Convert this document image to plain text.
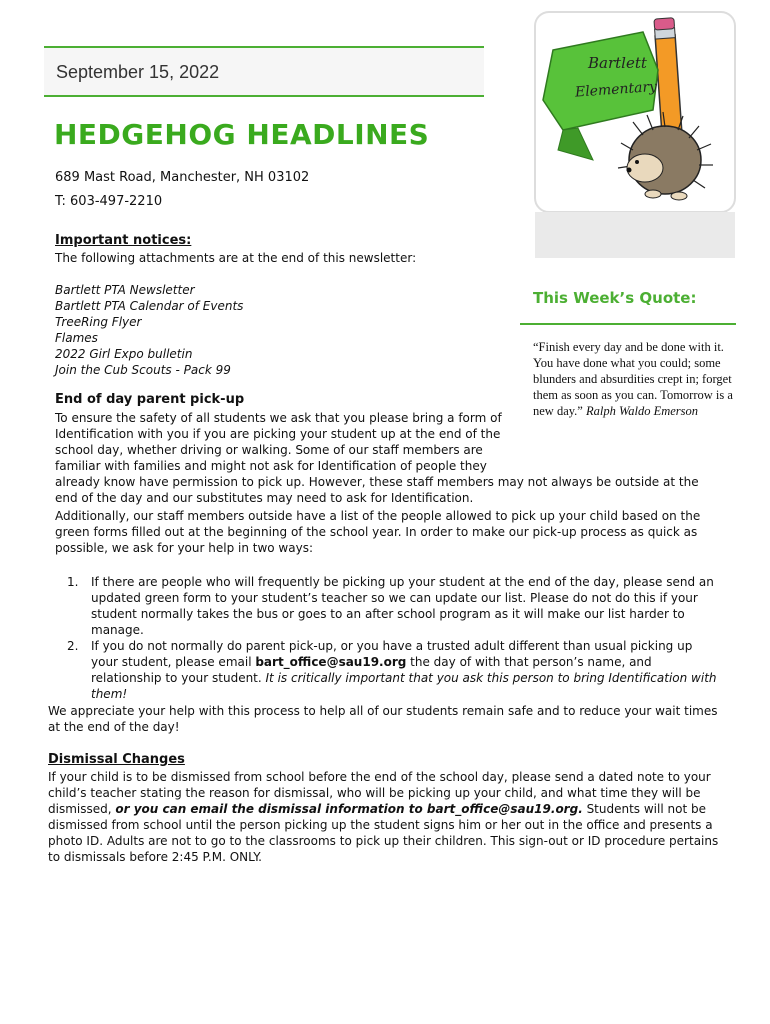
September 15, 2022
HEDGEHOG HEADLINES
689 Mast Road, Manchester, NH 03102
T: 603-497-2210
Bartlett
Elementary
This Week’s Quote:
“Finish every day and be done with it. You have done what you could; some blunders and absurdities crept in; forget them as soon as you can. Tomorrow is a new day.” Ralph Waldo Emerson
Important notices:
The following attachments are at the end of this newsletter:
Bartlett PTA Newsletter
Bartlett PTA Calendar of Events
TreeRing Flyer
Flames
2022 Girl Expo bulletin
Join the Cub Scouts - Pack 99
End of day parent pick-up
To ensure the safety of all students we ask that you please bring a form of Identification with you if you are picking your student up at the end of the school day, whether driving or walking. Some of our staff members are familiar with families and might not ask for Identification of people they
already know have permission to pick up. However, these staff members may not always be outside at the end of the day and our substitutes may need to ask for Identification.
Additionally, our staff members outside have a list of the people allowed to pick up your child based on the green forms filled out at the beginning of the school year. In order to make our pick-up process as quick as possible, we ask for your help in two ways:
1. If there are people who will frequently be picking up your student at the end of the day, please send an updated green form to your student’s teacher so we can update our list. Please do not do this if your student normally takes the bus or goes to an after school program as it will make our list harder to manage.
2. If you do not normally do parent pick-up, or you have a trusted adult different than usual picking up your student, please email bart_office@sau19.org the day of with that person’s name, and relationship to your student. It is critically important that you ask this person to bring Identification with them!
We appreciate your help with this process to help all of our students remain safe and to reduce your wait times at the end of the day!
Dismissal Changes
If your child is to be dismissed from school before the end of the school day, please send a dated note to your child’s teacher stating the reason for dismissal, who will be picking up your child, and what time they will be dismissed, or you can email the dismissal information to bart_office@sau19.org. Students will not be dismissed from school until the person picking up the student signs him or her out in the office and presents a photo ID. Adults are not to go to the classrooms to pick up their children. This sign-out or ID procedure pertains to dismissals before 2:45 P.M. ONLY.
